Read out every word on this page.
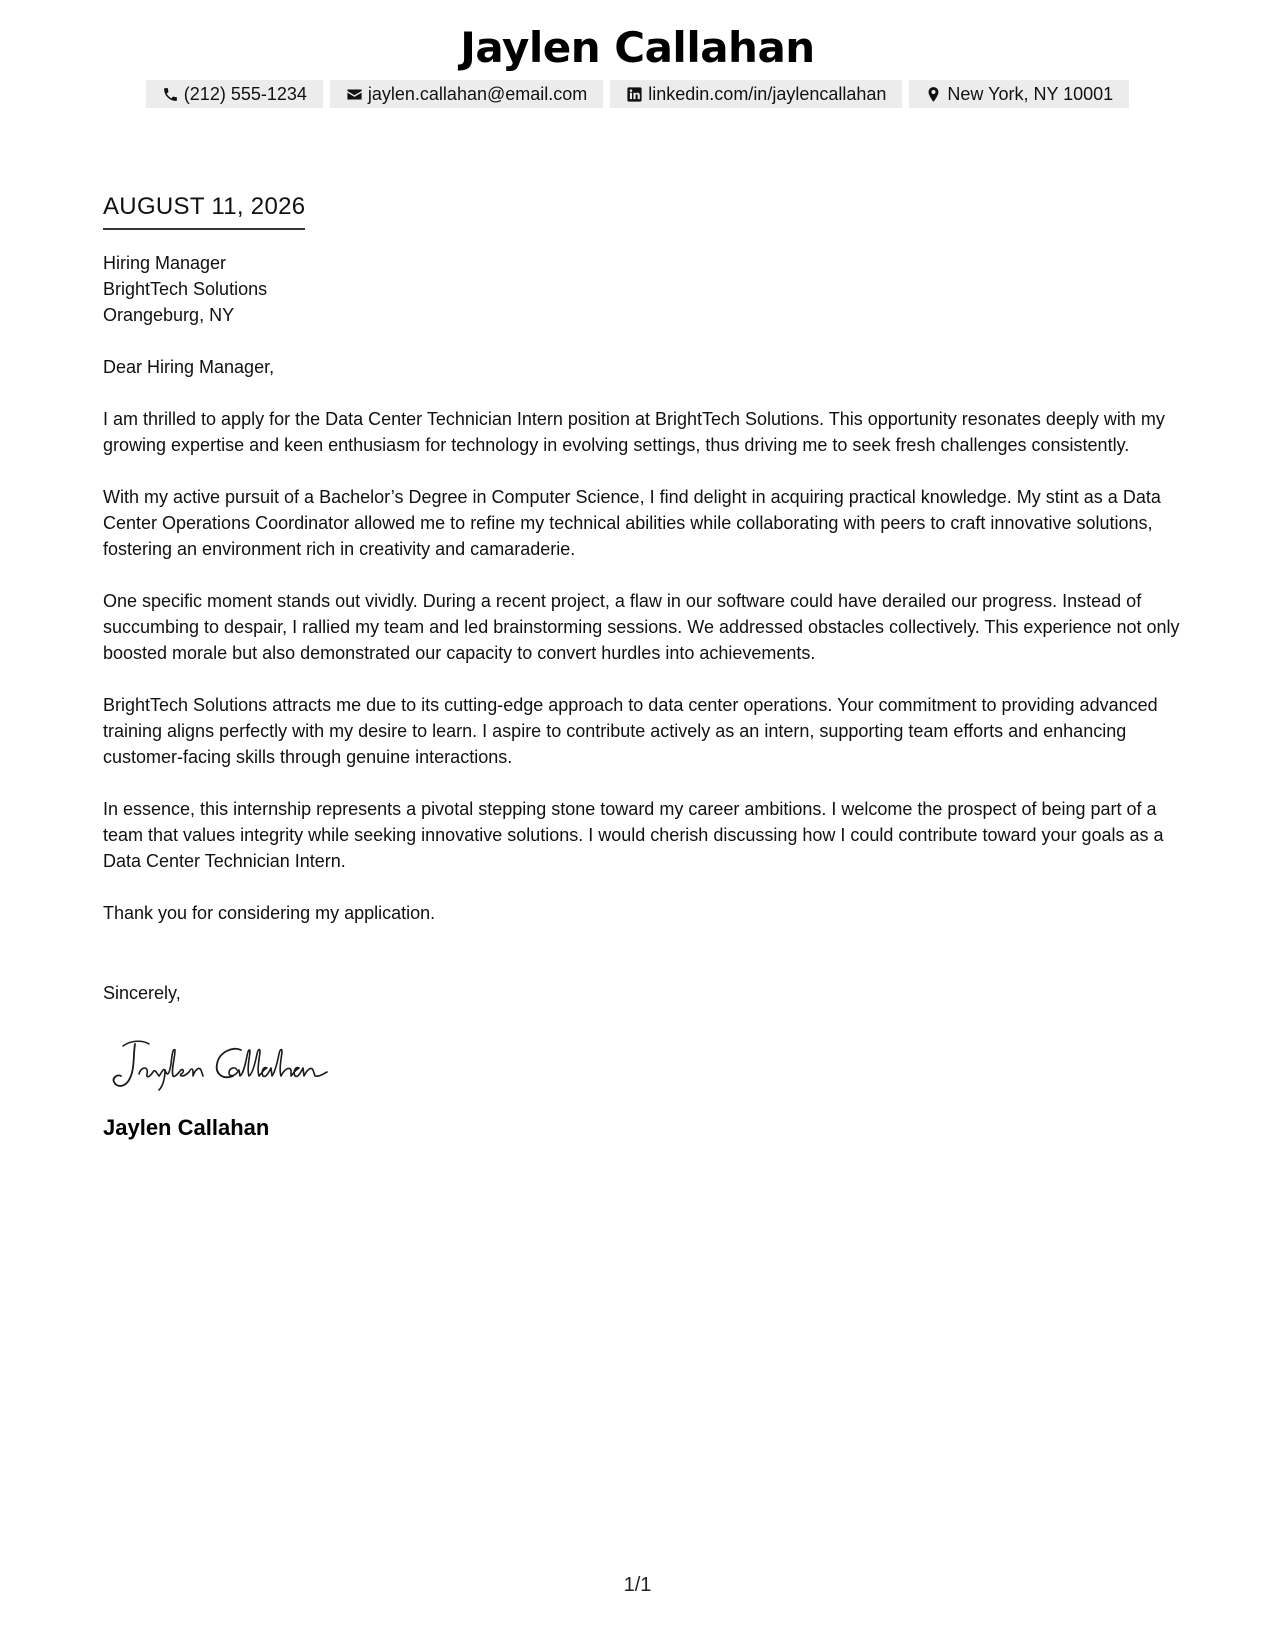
Jaylen Callahan
(212) 555-1234	jaylen.callahan@email.com	linkedin.com/in/jaylencallahan	New York, NY 10001
AUGUST 11, 2026
Hiring Manager
BrightTech Solutions
Orangeburg, NY
Dear Hiring Manager,

I am thrilled to apply for the Data Center Technician Intern position at BrightTech Solutions. This opportunity resonates deeply with my growing expertise and keen enthusiasm for technology in evolving settings, thus driving me to seek fresh challenges consistently.

With my active pursuit of a Bachelor’s Degree in Computer Science, I find delight in acquiring practical knowledge. My stint as a Data Center Operations Coordinator allowed me to refine my technical abilities while collaborating with peers to craft innovative solutions, fostering an environment rich in creativity and camaraderie.

One specific moment stands out vividly. During a recent project, a flaw in our software could have derailed our progress. Instead of succumbing to despair, I rallied my team and led brainstorming sessions. We addressed obstacles collectively. This experience not only boosted morale but also demonstrated our capacity to convert hurdles into achievements.

BrightTech Solutions attracts me due to its cutting-edge approach to data center operations. Your commitment to providing advanced training aligns perfectly with my desire to learn. I aspire to contribute actively as an intern, supporting team efforts and enhancing customer-facing skills through genuine interactions.

In essence, this internship represents a pivotal stepping stone toward my career ambitions. I welcome the prospect of being part of a team that values integrity while seeking innovative solutions. I would cherish discussing how I could contribute toward your goals as a Data Center Technician Intern.

Thank you for considering my application.
Sincerely,
Jaylen Callahan
1/1
